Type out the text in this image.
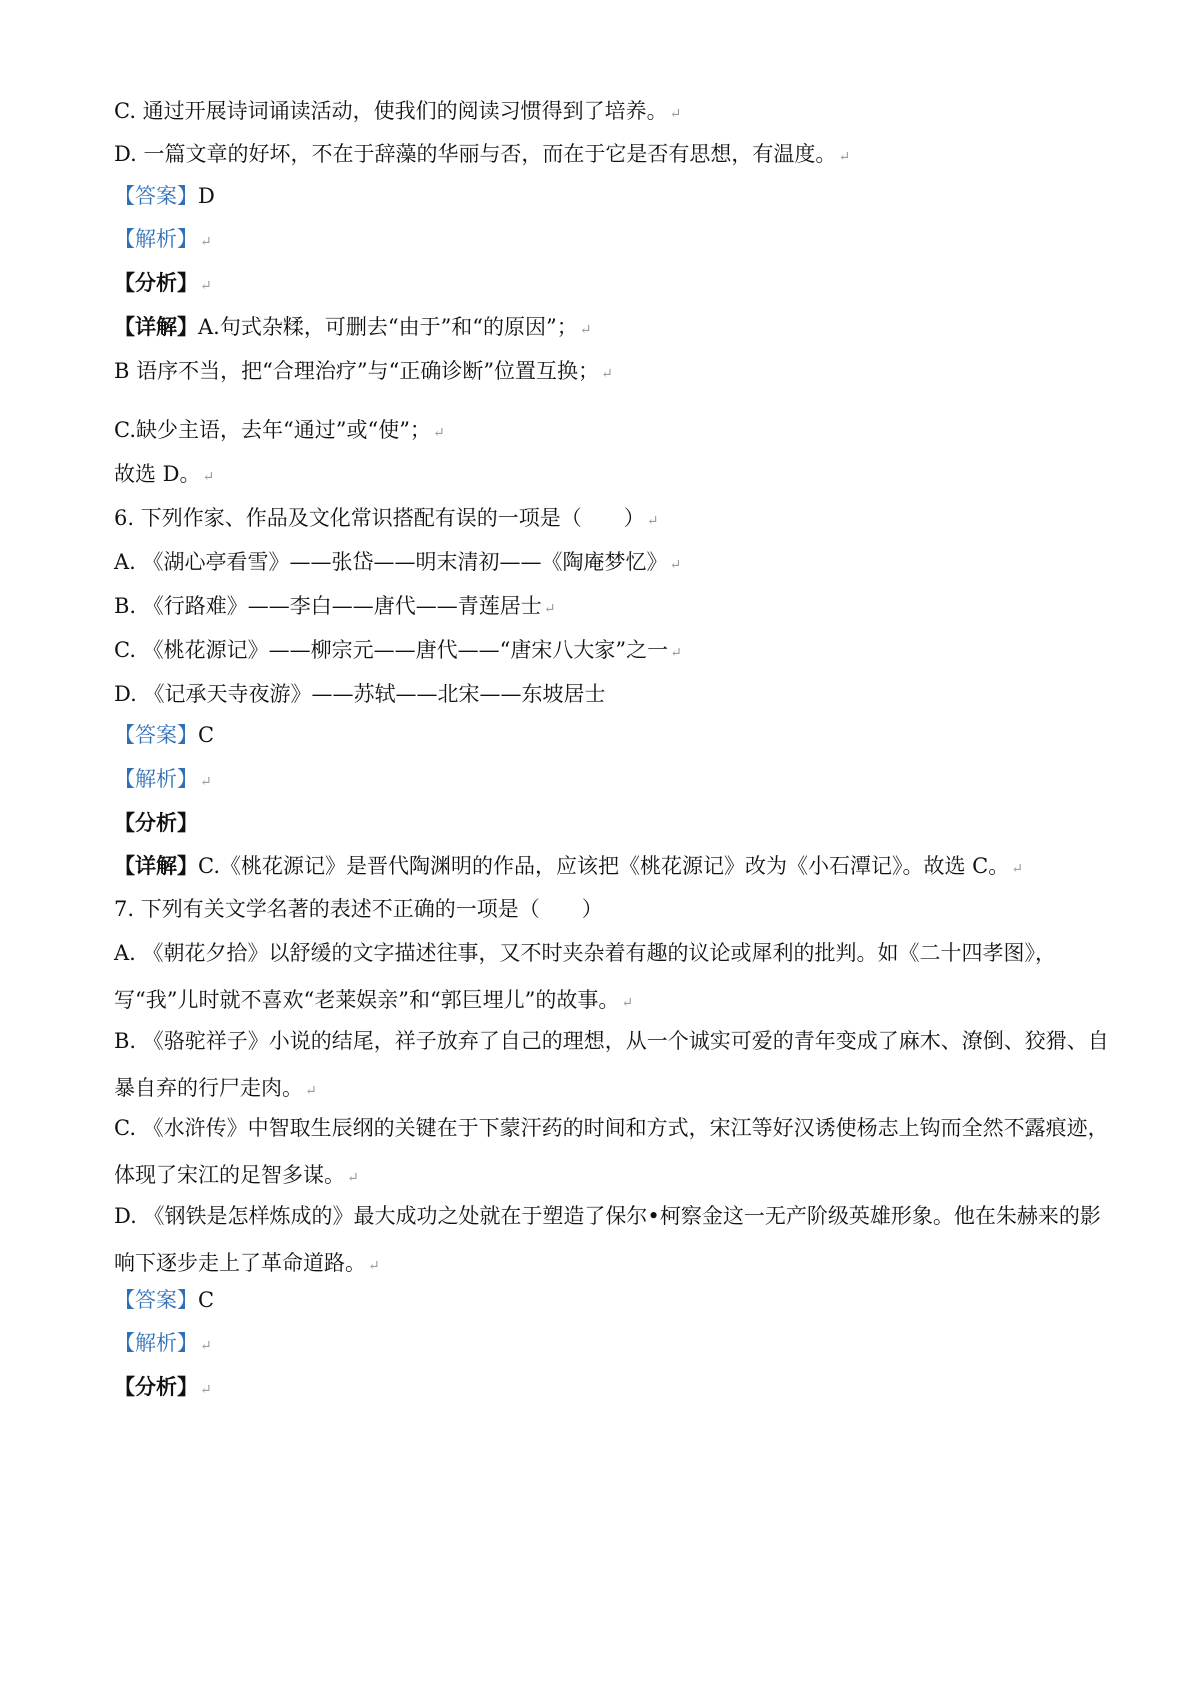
C. 通过开展诗词诵读活动，使我们的阅读习惯得到了培养。 ↵
D. 一篇文章的好坏，不在于辞藻的华丽与否，而在于它是否有思想，有温度。 ↵
【答案】D
【解析】 ↵
【分析】 ↵
【详解】A.句式杂糅，可删去“由于”和“的原因”； ↵
B 语序不当，把“合理治疗”与“正确诊断”位置互换； ↵
C.缺少主语，去年“通过”或“使”； ↵
故选 D。 ↵
6. 下列作家、作品及文化常识搭配有误的一项是（　　） ↵
A. 《湖心亭看雪》——张岱——明末清初——《陶庵梦忆》 ↵
B. 《行路难》——李白——唐代——青莲居士 ↵
C. 《桃花源记》——柳宗元——唐代——“唐宋八大家”之一 ↵
D. 《记承天寺夜游》——苏轼——北宋——东坡居士
【答案】C
【解析】 ↵
【分析】
【详解】C.《桃花源记》是晋代陶渊明的作品，应该把《桃花源记》改为《小石潭记》。故选 C。 ↵
7. 下列有关文学名著的表述不正确的一项是（　　）
A. 《朝花夕拾》以舒缓的文字描述往事，又不时夹杂着有趣的议论或犀利的批判。如《二十四孝图》，写“我”儿时就不喜欢“老莱娱亲”和“郭巨埋儿”的故事。 ↵
B. 《骆驼祥子》小说的结尾，祥子放弃了自己的理想，从一个诚实可爱的青年变成了麻木、潦倒、狡猾、自暴自弃的行尸走肉。 ↵
C. 《水浒传》中智取生辰纲的关键在于下蒙汗药的时间和方式，宋江等好汉诱使杨志上钩而全然不露痕迹，体现了宋江的足智多谋。 ↵
D. 《钢铁是怎样炼成的》最大成功之处就在于塑造了保尔•柯察金这一无产阶级英雄形象。他在朱赫来的影响下逐步走上了革命道路。 ↵
【答案】C
【解析】 ↵
【分析】 ↵
